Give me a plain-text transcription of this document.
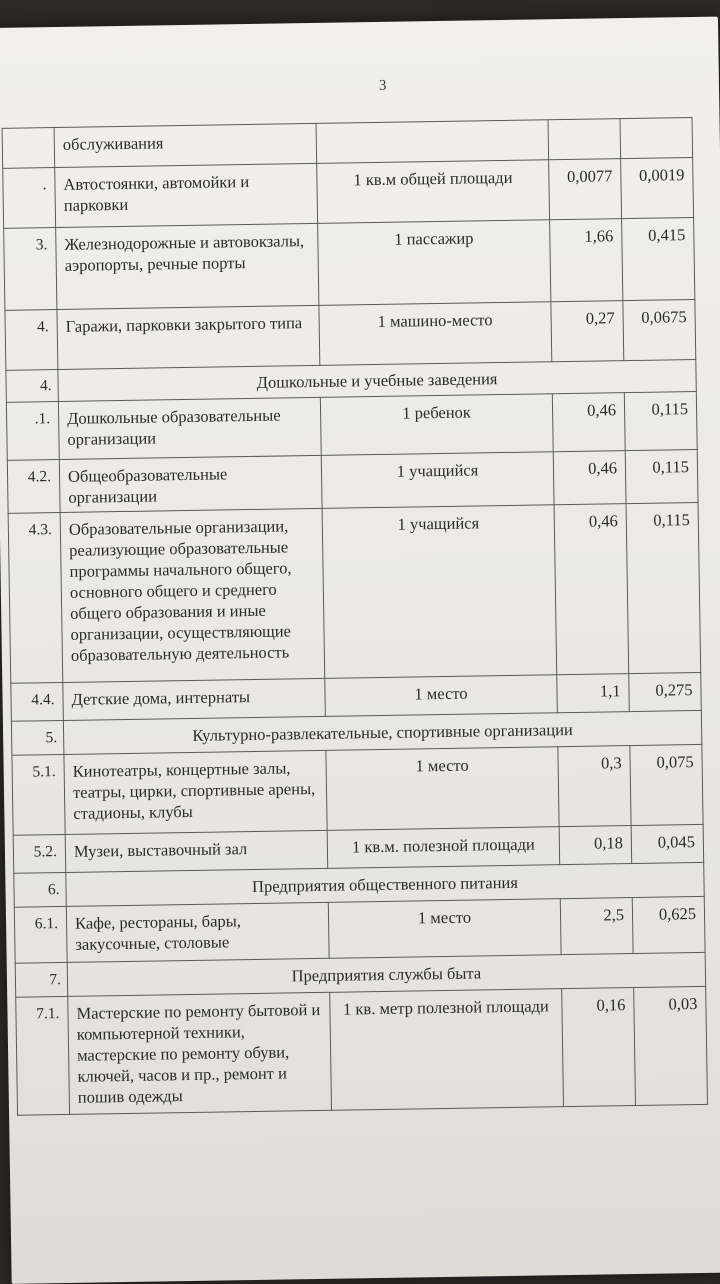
3
	обслуживания			
.	Автостоянки, автомойки и парковки	1 кв.м общей площади	0,0077	0,0019
3.	Железнодорожные и автовокзалы, аэропорты, речные порты	1 пассажир	1,66	0,415
4.	Гаражи, парковки закрытого типа	1 машино-место	0,27	0,0675
4.	Дошкольные и учебные заведения			
.1.	Дошкольные образовательные организации	1 ребенок	0,46	0,115
4.2.	Общеобразовательные организации	1 учащийся	0,46	0,115
4.3.	Образовательные организации, реализующие образовательные программы начального общего, основного общего и среднего общего образования и иные организации, осуществляющие образовательную деятельность	1 учащийся	0,46	0,115
4.4.	Детские дома, интернаты	1 место	1,1	0,275
5.	Культурно-развлекательные, спортивные организации			
5.1.	Кинотеатры, концертные залы, театры, цирки, спортивные арены, стадионы, клубы	1 место	0,3	0,075
5.2.	Музеи, выставочный зал	1 кв.м. полезной площади	0,18	0,045
6.	Предприятия общественного питания			
6.1.	Кафе, рестораны, бары, закусочные, столовые	1 место	2,5	0,625
7.	Предприятия службы быта			
7.1.	Мастерские по ремонту бытовой и компьютерной техники, мастерские по ремонту обуви, ключей, часов и пр., ремонт и пошив одежды	1 кв. метр полезной площади	0,16	0,03
